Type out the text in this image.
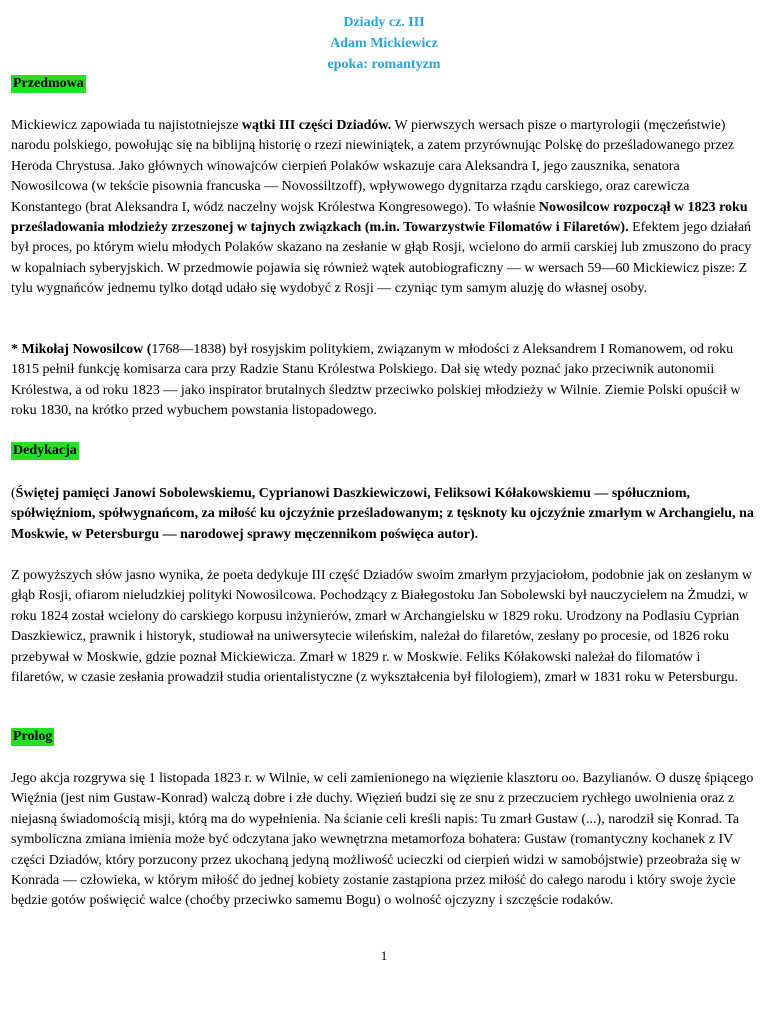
Dziady cz. III
Adam Mickiewicz
epoka: romantyzm
Przedmowa

Mickiewicz zapowiada tu najistotniejsze wątki III części Dziadów. W pierwszych wersach pisze o martyrologii (męczeństwie) narodu polskiego, powołując się na biblijną historię o rzezi niewiniątek, a zatem przyrównując Polskę do prześladowanego przez Heroda Chrystusa. Jako głównych winowajców cierpień Polaków wskazuje cara Aleksandra I, jego zausznika, senatora Nowosilcowa (w tekście pisownia francuska — Novossiltzoff), wpływowego dygnitarza rządu carskiego, oraz carewicza Konstantego (brat Aleksandra I, wódz naczelny wojsk Królestwa Kongresowego). To właśnie Nowosilcow rozpoczął w 1823 roku prześladowania młodzieży zrzeszonej w tajnych związkach (m.in. Towarzystwie Filomatów i Filaretów). Efektem jego działań był proces, po którym wielu młodych Polaków skazano na zesłanie w głąb Rosji, wcielono do armii carskiej lub zmuszono do pracy w kopalniach syberyjskich. W przedmowie pojawia się również wątek autobiograficzny — w wersach 59—60 Mickiewicz pisze: Z tylu wygnańców jednemu tylko dotąd udało się wydobyć z Rosji — czyniąc tym samym aluzję do własnej osoby.

* Mikołaj Nowosilcow (1768—1838) był rosyjskim politykiem, związanym w młodości z Aleksandrem I Romanowem, od roku 1815 pełnił funkcję komisarza cara przy Radzie Stanu Królestwa Polskiego. Dał się wtedy poznać jako przeciwnik autonomii Królestwa, a od roku 1823 — jako inspirator brutalnych śledztw przeciwko polskiej młodzieży w Wilnie. Ziemie Polski opuścił w roku 1830, na krótko przed wybuchem powstania listopadowego.

Dedykacja

(Świętej pamięci Janowi Sobolewskiemu, Cyprianowi Daszkiewiczowi, Feliksowi Kółakowskiemu — spółuczniom, spółwięźniom, spółwygnańcom, za miłość ku ojczyźnie prześladowanym; z tęsknoty ku ojczyźnie zmarłym w Archangielu, na Moskwie, w Petersburgu — narodowej sprawy męczennikom poświęca autor).

Z powyższych słów jasno wynika, że poeta dedykuje III część Dziadów swoim zmarłym przyjaciołom, podobnie jak on zesłanym w głąb Rosji, ofiarom nieludzkiej polityki Nowosilcowa. Pochodzący z Białegostoku Jan Sobolewski był nauczycielem na Żmudzi, w roku 1824 został wcielony do carskiego korpusu inżynierów, zmarł w Archangielsku w 1829 roku. Urodzony na Podlasiu Cyprian Daszkiewicz, prawnik i historyk, studiował na uniwersytecie wileńskim, należał do filaretów, zesłany po procesie, od 1826 roku przebywał w Moskwie, gdzie poznał Mickiewicza. Zmarł w 1829 r. w Moskwie. Feliks Kółakowski należał do filomatów i filaretów, w czasie zesłania prowadził studia orientalistyczne (z wykształcenia był filologiem), zmarł w 1831 roku w Petersburgu.

Prolog

Jego akcja rozgrywa się 1 listopada 1823 r. w Wilnie, w celi zamienionego na więzienie klasztoru oo. Bazylianów. O duszę śpiącego Więźnia (jest nim Gustaw-Konrad) walczą dobre i złe duchy. Więzień budzi się ze snu z przeczuciem rychłego uwolnienia oraz z niejasną świadomością misji, którą ma do wypełnienia. Na ścianie celi kreśli napis: Tu zmarł Gustaw (...), narodził się Konrad. Ta symboliczna zmiana imienia może być odczytana jako wewnętrzna metamorfoza bohatera: Gustaw (romantyczny kochanek z IV części Dziadów, który porzucony przez ukochaną jedyną możliwość ucieczki od cierpień widzi w samobójstwie) przeobraża się w Konrada — człowieka, w którym miłość do jednej kobiety zostanie zastąpiona przez miłość do całego narodu i który swoje życie będzie gotów poświęcić walce (choćby przeciwko samemu Bogu) o wolność ojczyzny i szczęście rodaków.

1
